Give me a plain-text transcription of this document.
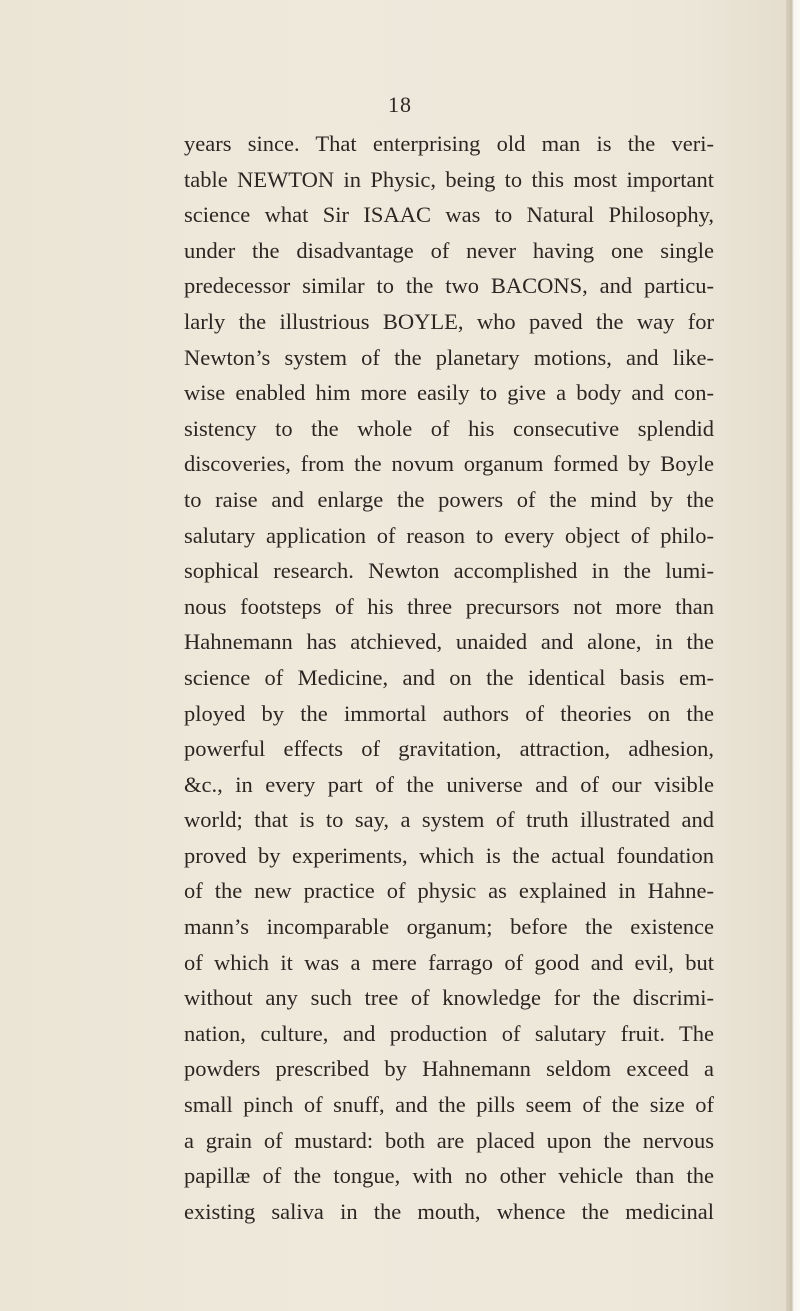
18
years since. That enterprising old man is the veri-
table NEWTON in Physic, being to this most important
science what Sir ISAAC was to Natural Philosophy,
under the disadvantage of never having one single
predecessor similar to the two BACONS, and particu-
larly the illustrious BOYLE, who paved the way for
Newton’s system of the planetary motions, and like-
wise enabled him more easily to give a body and con-
sistency to the whole of his consecutive splendid
discoveries, from the novum organum formed by Boyle
to raise and enlarge the powers of the mind by the
salutary application of reason to every object of philo-
sophical research. Newton accomplished in the lumi-
nous footsteps of his three precursors not more than
Hahnemann has atchieved, unaided and alone, in the
science of Medicine, and on the identical basis em-
ployed by the immortal authors of theories on the
powerful effects of gravitation, attraction, adhesion,
&c., in every part of the universe and of our visible
world; that is to say, a system of truth illustrated and
proved by experiments, which is the actual foundation
of the new practice of physic as explained in Hahne-
mann’s incomparable organum; before the existence
of which it was a mere farrago of good and evil, but
without any such tree of knowledge for the discrimi-
nation, culture, and production of salutary fruit. The
powders prescribed by Hahnemann seldom exceed a
small pinch of snuff, and the pills seem of the size of
a grain of mustard: both are placed upon the nervous
papillæ of the tongue, with no other vehicle than the
existing saliva in the mouth, whence the medicinal
